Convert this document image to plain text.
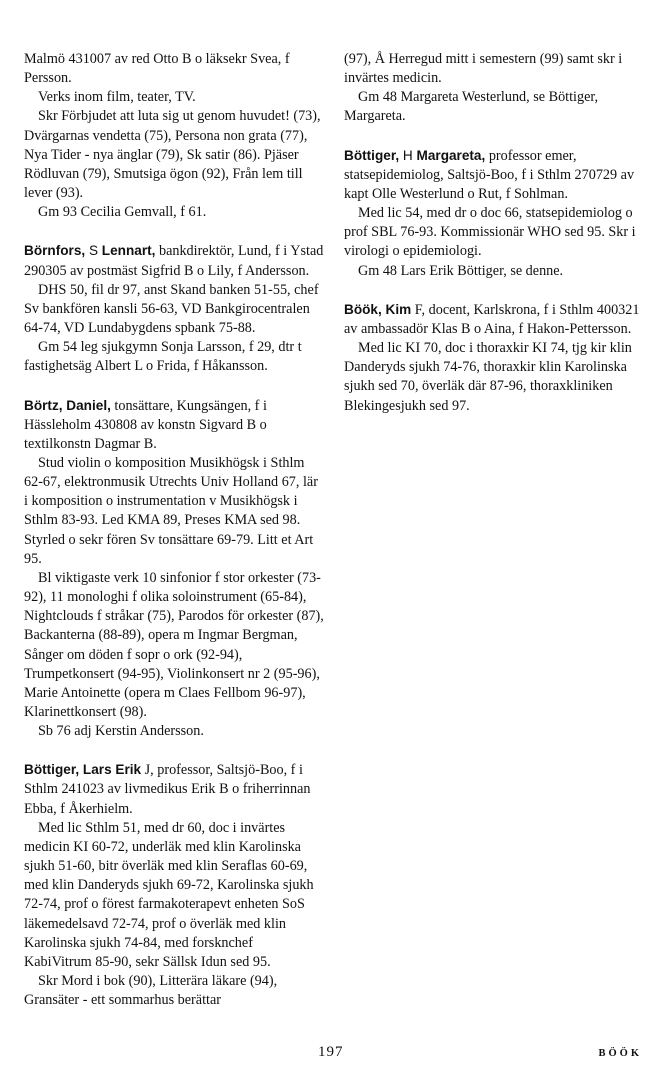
Malmö 431007 av red Otto B o läksekr Svea, f Persson.

Verks inom film, teater, TV.

Skr Förbjudet att luta sig ut genom huvudet! (73), Dvärgarnas vendetta (75), Persona non grata (77), Nya Tider - nya änglar (79), Sk satir (86). Pjäser Rödluvan (79), Smutsiga ögon (92), Från lem till lever (93).

Gm 93 Cecilia Gemvall, f 61.

Börnfors, S Lennart, bankdirektör, Lund, f i Ystad 290305 av postmäst Sigfrid B o Lily, f Andersson.

DHS 50, fil dr 97, anst Skand banken 51-55, chef Sv bankfören kansli 56-63, VD Bankgirocentralen 64-74, VD Lundabygdens spbank 75-88.

Gm 54 leg sjukgymn Sonja Larsson, f 29, dtr t fastighetsäg Albert L o Frida, f Håkansson.

Börtz, Daniel, tonsättare, Kungsängen, f i Hässleholm 430808 av konstn Sigvard B o textilkonstn Dagmar B.

Stud violin o komposition Musikhögsk i Sthlm 62-67, elektronmusik Utrechts Univ Holland 67, lär i komposition o instrumentation v Musikhögsk i Sthlm 83-93. Led KMA 89, Preses KMA sed 98. Styrled o sekr fören Sv tonsättare 69-79. Litt et Art 95.

Bl viktigaste verk 10 sinfonior f stor orkester (73-92), 11 monologhi f olika soloinstrument (65-84), Nightclouds f stråkar (75), Parodos för orkester (87), Backanterna (88-89), opera m Ingmar Bergman, Sånger om döden f sopr o ork (92-94), Trumpetkonsert (94-95), Violinkonsert nr 2 (95-96), Marie Antoinette (opera m Claes Fellbom 96-97), Klarinettkonsert (98).

Sb 76 adj Kerstin Andersson.

Böttiger, Lars Erik J, professor, Saltsjö-Boo, f i Sthlm 241023 av livmedikus Erik B o friherrinnan Ebba, f Åkerhielm.

Med lic Sthlm 51, med dr 60, doc i invärtes medicin KI 60-72, underläk med klin Karolinska sjukh 51-60, bitr överläk med klin Seraflas 60-69, med klin Danderyds sjukh 69-72, Karolinska sjukh 72-74, prof o förest farmakoterapevt enheten SoS läkemedelsavd 72-74, prof o överläk med klin Karolinska sjukh 74-84, med forsknchef KabiVitrum 85-90, sekr Sällsk Idun sed 95.

Skr Mord i bok (90), Litterära läkare (94), Gransäter - ett sommarhus berättar

(97), Å Herregud mitt i semestern (99) samt skr i invärtes medicin.

Gm 48 Margareta Westerlund, se Böttiger, Margareta.

Böttiger, H Margareta, professor emer, statsepidemiolog, Saltsjö-Boo, f i Sthlm 270729 av kapt Olle Westerlund o Rut, f Sohlman.

Med lic 54, med dr o doc 66, statsepidemiolog o prof SBL 76-93. Kommissionär WHO sed 95. Skr i virologi o epidemiologi.

Gm 48 Lars Erik Böttiger, se denne.

Böök, Kim F, docent, Karlskrona, f i Sthlm 400321 av ambassadör Klas B o Aina, f Hakon-Pettersson.

Med lic KI 70, doc i thoraxkir KI 74, tjg kir klin Danderyds sjukh 74-76, thoraxkir klin Karolinska sjukh sed 70, överläk där 87-96, thoraxkliniken Blekingesjukh sed 97.

197	BÖÖK
